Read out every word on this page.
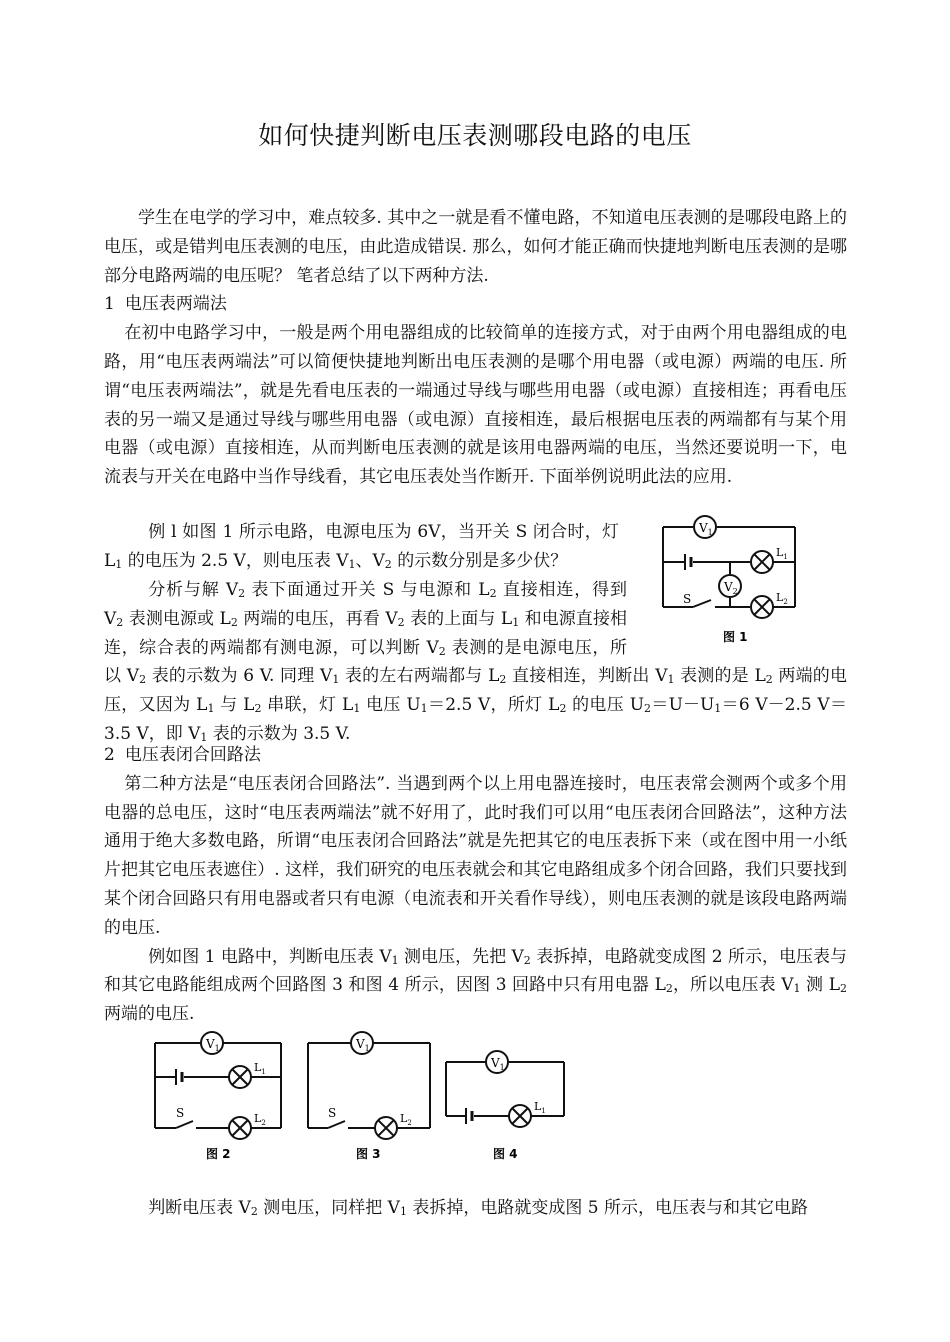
如何快捷判断电压表测哪段电路的电压

学生在电学的学习中，难点较多. 其中之一就是看不懂电路，不知道电压表测的是哪段电路上的电压，或是错判电压表测的电压，由此造成错误. 那么，如何才能正确而快捷地判断电压表测的是哪部分电路两端的电压呢？ 笔者总结了以下两种方法.

1 电压表两端法

在初中电路学习中，一般是两个用电器组成的比较简单的连接方式，对于由两个用电器组成的电路，用“电压表两端法”可以简便快捷地判断出电压表测的是哪个用电器（或电源）两端的电压. 所谓“电压表两端法”，就是先看电压表的一端通过导线与哪些用电器（或电源）直接相连；再看电压表的另一端又是通过导线与哪些用电器（或电源）直接相连，最后根据电压表的两端都有与某个用电器（或电源）直接相连，从而判断电压表测的就是该用电器两端的电压，当然还要说明一下，电流表与开关在电路中当作导线看，其它电压表处当作断开. 下面举例说明此法的应用.

例 l 如图 1 所示电路，电源电压为 6V，当开关 S 闭合时，灯 $L_1$ 的电压为 2.5 V，则电压表 $V_1$、$V_2$ 的示数分别是多少伏？

分析与解 $V_2$ 表下面通过开关 S 与电源和 $L_2$ 直接相连，得到 $V_2$ 表测电源或 $L_2$ 两端的电压，再看 $V_2$ 表的上面与 $L_1$ 和电源直接相连，综合表的两端都有测电源，可以判断 $V_2$ 表测的是电源电压，所以 $V_2$ 表的示数为 6 V. 同理 $V_1$ 表的左右两端都与 $L_2$ 直接相连，判断出 $V_1$ 表测的是 $L_2$ 两端的电压，又因为 $L_1$ 与 $L_2$ 串联，灯 $L_1$ 电压 $U_1=2.5$ V，所灯 $L_2$ 的电压 $U_2=U-U_1=6$ V－2.5 V＝3.5 V，即 $V_1$ 表的示数为 3.5 V.

2 电压表闭合回路法

第二种方法是“电压表闭合回路法”. 当遇到两个以上用电器连接时，电压表常会测两个或多个用电器的总电压，这时“电压表两端法”就不好用了，此时我们可以用“电压表闭合回路法”，这种方法通用于绝大多数电路，所谓“电压表闭合回路法”就是先把其它的电压表拆下来（或在图中用一小纸片把其它电压表遮住）. 这样，我们研究的电压表就会和其它电路组成多个闭合回路，我们只要找到某个闭合回路只有用电器或者只有电源（电流表和开关看作导线），则电压表测的就是该段电路两端的电压.

例如图 1 电路中，判断电压表 $V_1$ 测电压，先把 $V_2$ 表拆掉，电路就变成图 2 所示，电压表与和其它电路能组成两个回路图 3 和图 4 所示，因图 3 回路中只有用电器 $L_2$，所以电压表 $V_1$ 测 $L_2$ 两端的电压.

判断电压表 $V_2$ 测电压，同样把 $V_1$ 表拆掉，电路就变成图 5 所示，电压表与和其它电路

$V_1$
$V_2$
$L_1$
$L_2$
S
图 1
$V_1$
$L_1$
$L_2$
S
图 2
$V_1$
$L_2$
S
图 3
$V_1$
$L_1$
图 4
